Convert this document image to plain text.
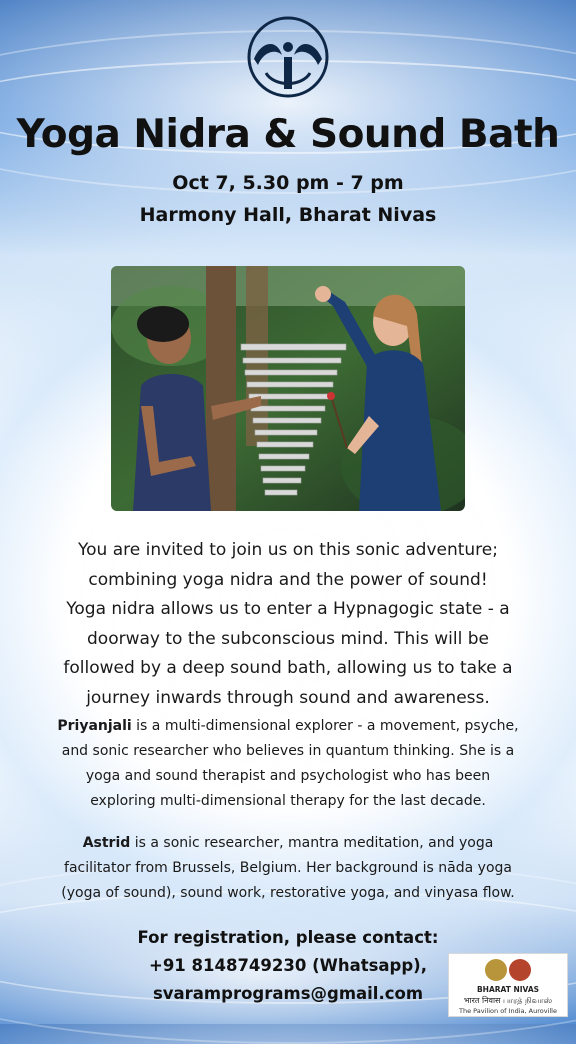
Yoga Nidra & Sound Bath
Oct 7, 5.30 pm - 7 pm
Harmony Hall, Bharat Nivas
You are invited to join us on this sonic adventure;
combining yoga nidra and the power of sound!
Yoga nidra allows us to enter a Hypnagogic state - a
doorway to the subconscious mind. This will be
followed by a deep sound bath, allowing us to take a
journey inwards through sound and awareness.
Priyanjali is a multi-dimensional explorer - a movement, psyche,
and sonic researcher who believes in quantum thinking. She is a
yoga and sound therapist and psychologist who has been
exploring multi-dimensional therapy for the last decade.
Astrid is a sonic researcher, mantra meditation, and yoga
facilitator from Brussels, Belgium. Her background is nāda yoga
(yoga of sound), sound work, restorative yoga, and vinyasa flow.
For registration, please contact:
+91 8148749230 (Whatsapp),
svaramprograms@gmail.com	BHARAT NIVAS
भारत निवास பாரத் நிவாஸ்
The Pavilion of India, Auroville
